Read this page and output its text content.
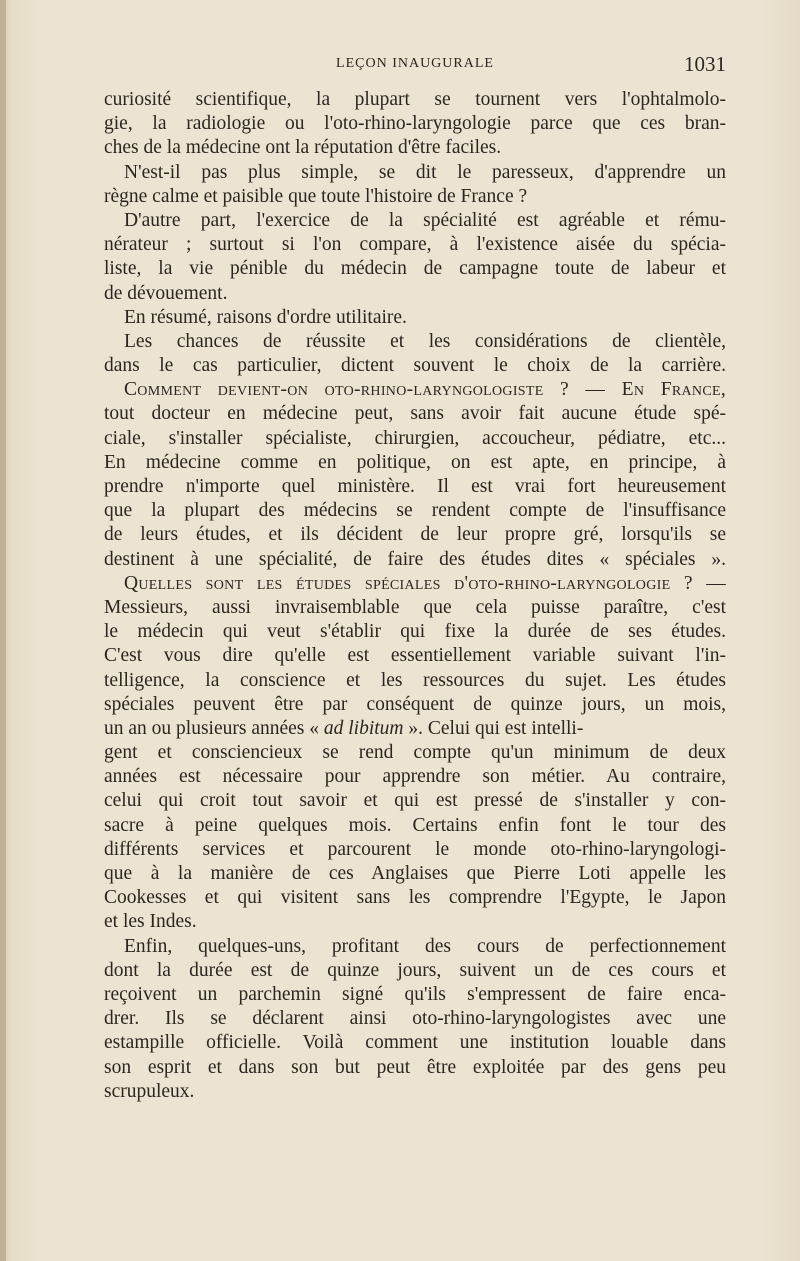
LEÇON INAUGURALE	1031
curiosité scientifique, la plupart se tournent vers l'ophtalmolo-
gie, la radiologie ou l'oto-rhino-laryngologie parce que ces bran-
ches de la médecine ont la réputation d'être faciles.
N'est-il pas plus simple, se dit le paresseux, d'apprendre un
règne calme et paisible que toute l'histoire de France ?
D'autre part, l'exercice de la spécialité est agréable et rému-
nérateur ; surtout si l'on compare, à l'existence aisée du spécia-
liste, la vie pénible du médecin de campagne toute de labeur et
de dévouement.
En résumé, raisons d'ordre utilitaire.
Les chances de réussite et les considérations de clientèle,
dans le cas particulier, dictent souvent le choix de la carrière.
Comment devient-on oto-rhino-laryngologiste ? — En France,
tout docteur en médecine peut, sans avoir fait aucune étude spé-
ciale, s'installer spécialiste, chirurgien, accoucheur, pédiatre, etc...
En médecine comme en politique, on est apte, en principe, à
prendre n'importe quel ministère. Il est vrai fort heureusement
que la plupart des médecins se rendent compte de l'insuffisance
de leurs études, et ils décident de leur propre gré, lorsqu'ils se
destinent à une spécialité, de faire des études dites « spéciales ».
Quelles sont les études spéciales d'oto-rhino-laryngologie ? —
Messieurs, aussi invraisemblable que cela puisse paraître, c'est
le médecin qui veut s'établir qui fixe la durée de ses études.
C'est vous dire qu'elle est essentiellement variable suivant l'in-
telligence, la conscience et les ressources du sujet. Les études
spéciales peuvent être par conséquent de quinze jours, un mois,
un an ou plusieurs années « ad libitum ». Celui qui est intelli-
gent et consciencieux se rend compte qu'un minimum de deux
années est nécessaire pour apprendre son métier. Au contraire,
celui qui croit tout savoir et qui est pressé de s'installer y con-
sacre à peine quelques mois. Certains enfin font le tour des
différents services et parcourent le monde oto-rhino-laryngologi-
que à la manière de ces Anglaises que Pierre Loti appelle les
Cookesses et qui visitent sans les comprendre l'Egypte, le Japon
et les Indes.
Enfin, quelques-uns, profitant des cours de perfectionnement
dont la durée est de quinze jours, suivent un de ces cours et
reçoivent un parchemin signé qu'ils s'empressent de faire enca-
drer. Ils se déclarent ainsi oto-rhino-laryngologistes avec une
estampille officielle. Voilà comment une institution louable dans
son esprit et dans son but peut être exploitée par des gens peu
scrupuleux.
